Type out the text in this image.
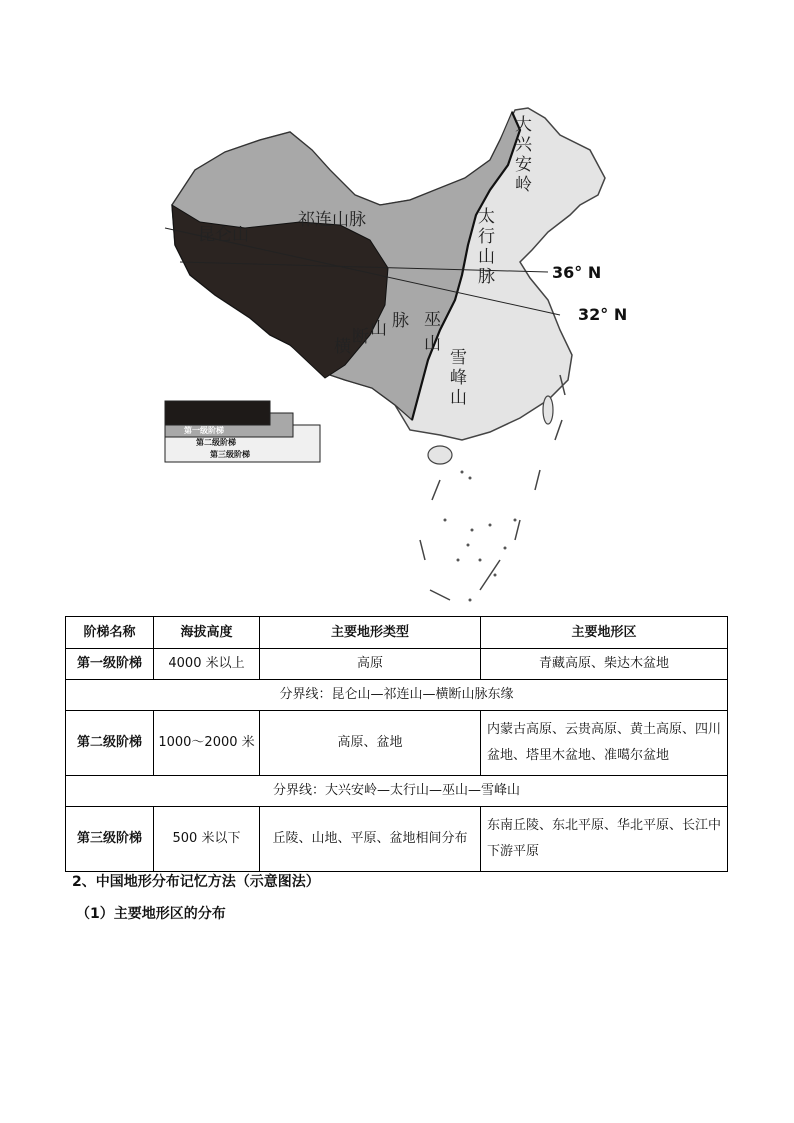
昆仑山
祁连山脉
大
兴
安
岭
太
行
山
脉
巫
山
雪
峰
山
横 断 山 脉
36° N
32° N
第一级阶梯
第二级阶梯
第三级阶梯
阶梯名称	海拔高度	主要地形类型	主要地形区
第一级阶梯	4000 米以上	高原	青藏高原、柴达木盆地
分界线：昆仑山—祁连山—横断山脉东缘			
第二级阶梯	1000～2000 米	高原、盆地	内蒙古高原、云贵高原、黄土高原、四川盆地、塔里木盆地、准噶尔盆地
分界线：大兴安岭—太行山—巫山—雪峰山			
第三级阶梯	500 米以下	丘陵、山地、平原、盆地相间分布	东南丘陵、东北平原、华北平原、长江中下游平原
2、中国地形分布记忆方法（示意图法）
（1）主要地形区的分布
